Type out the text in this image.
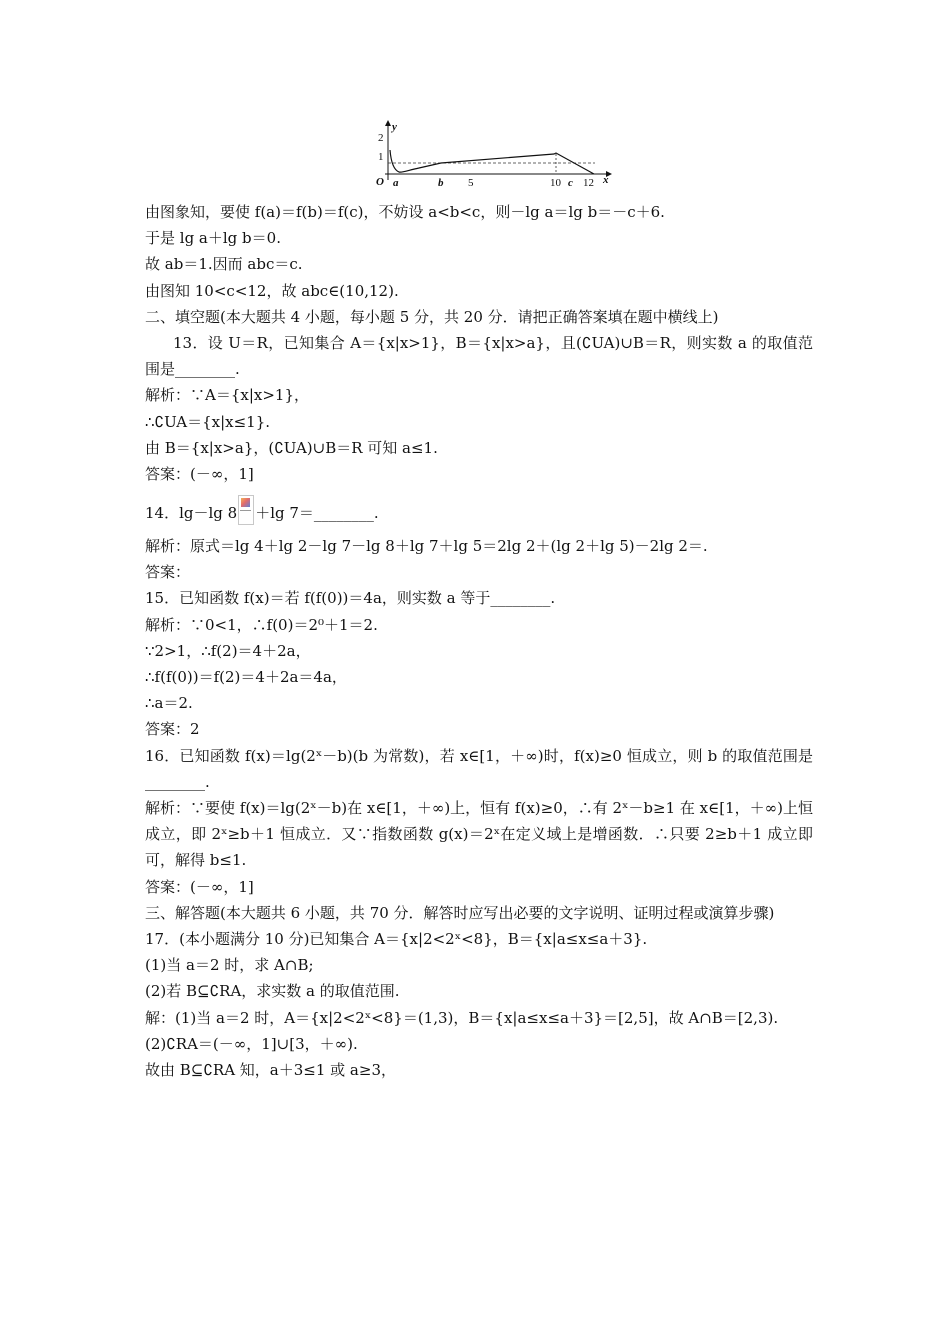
y
2
1
O a	b 5	10 c 12 x
由图象知，要使 f(a)＝f(b)＝f(c)，不妨设 a<b<c，则－lg a＝lg b＝－c＋6.
于是 lg a＋lg b＝0.
故 ab＝1.因而 abc＝c.
由图知 10<c<12，故 abc∈(10,12).
二、填空题(本大题共 4 小题，每小题 5 分，共 20 分．请把正确答案填在题中横线上)
13．设 U＝R，已知集合 A＝{x|x>1}，B＝{x|x>a}，且(∁UA)∪B＝R，则实数 a 的取值范围是________.
解析：∵A＝{x|x>1}，
∴∁UA＝{x|x≤1}.
由 B＝{x|x>a}，(∁UA)∪B＝R 可知 a≤1.
答案：(－∞，1]
14．lg－lg 8 ＋lg 7＝________.
解析：原式＝lg 4＋lg 2－lg 7－lg 8＋lg 7＋lg 5＝2lg 2＋(lg 2＋lg 5)－2lg 2＝.
答案：
15．已知函数 f(x)＝若 f(f(0))＝4a，则实数 a 等于________.
解析：∵0<1，∴f(0)＝2⁰＋1＝2.
∵2>1，∴f(2)＝4＋2a，
∴f(f(0))＝f(2)＝4＋2a＝4a，
∴a＝2.
答案：2
16．已知函数 f(x)＝lg(2ˣ－b)(b 为常数)，若 x∈[1，＋∞)时，f(x)≥0 恒成立，则 b 的取值范围是________.
解析：∵要使 f(x)＝lg(2ˣ－b)在 x∈[1，＋∞)上，恒有 f(x)≥0，∴有 2ˣ－b≥1 在 x∈[1，＋∞)上恒成立，即 2ˣ≥b＋1 恒成立．又∵指数函数 g(x)＝2ˣ在定义域上是增函数．∴只要 2≥b＋1 成立即可，解得 b≤1.
答案：(－∞，1]
三、解答题(本大题共 6 小题，共 70 分．解答时应写出必要的文字说明、证明过程或演算步骤)
17．(本小题满分 10 分)已知集合 A＝{x|2<2ˣ<8}，B＝{x|a≤x≤a＋3}.
(1)当 a＝2 时，求 A∩B;
(2)若 B⊆∁RA，求实数 a 的取值范围.
解：(1)当 a＝2 时，A＝{x|2<2ˣ<8}＝(1,3)，B＝{x|a≤x≤a＋3}＝[2,5]，故 A∩B＝[2,3).
(2)∁RA＝(－∞，1]∪[3，＋∞).
故由 B⊆∁RA 知，a＋3≤1 或 a≥3，
